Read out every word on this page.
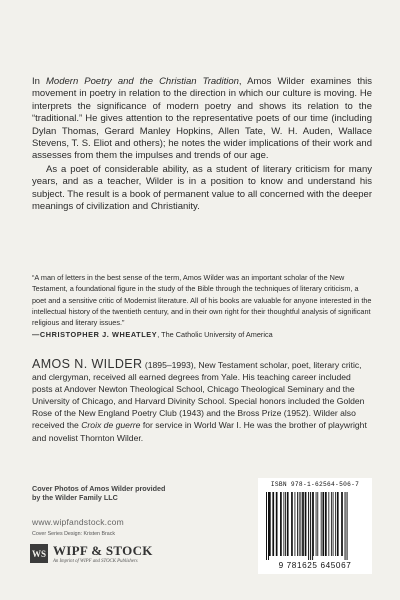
In Modern Poetry and the Christian Tradition, Amos Wilder examines this movement in poetry in relation to the direction in which our culture is moving. He interprets the significance of modern poetry and shows its relation to the “traditional.” He gives attention to the representative poets of our time (including Dylan Thomas, Gerard Manley Hopkins, Allen Tate, W. H. Auden, Wallace Stevens, T. S. Eliot and others); he notes the wider implications of their work and assesses from them the impulses and trends of our age.

As a poet of considerable ability, as a student of literary criticism for many years, and as a teacher, Wilder is in a position to know and understand his subject. The result is a book of permanent value to all concerned with the deeper meanings of civilization and Christianity.

“A man of letters in the best sense of the term, Amos Wilder was an important scholar of the New Testament, a foundational figure in the study of the Bible through the techniques of literary criticism, a poet and a sensitive critic of Modernist literature. All of his books are valuable for anyone interested in the intellectual history of the twentieth century, and in their own right for their thoughtful analysis of significant religious and literary issues.”

—CHRISTOPHER J. WHEATLEY, The Catholic University of America
AMOS N. WILDER (1895–1993), New Testament scholar, poet, literary critic, and clergyman, received all earned degrees from Yale. His teaching career included posts at Andover Newton Theological School, Chicago Theological Seminary and the University of Chicago, and Harvard Divinity School. Special honors included the Golden Rose of the New England Poetry Club (1943) and the Bross Prize (1952). Wilder also received the Croix de guerre for service in World War I. He was the brother of playwright and novelist Thornton Wilder.
Cover Photos of Amos Wilder provided
by the Wilder Family LLC
www.wipfandstock.com
Cover Series Design: Kristen Brack
WS WIPF & STOCK
An Imprint of WIPF and STOCK Publishers
ISBN 978-1-62564-506-7
9 781625 645067
